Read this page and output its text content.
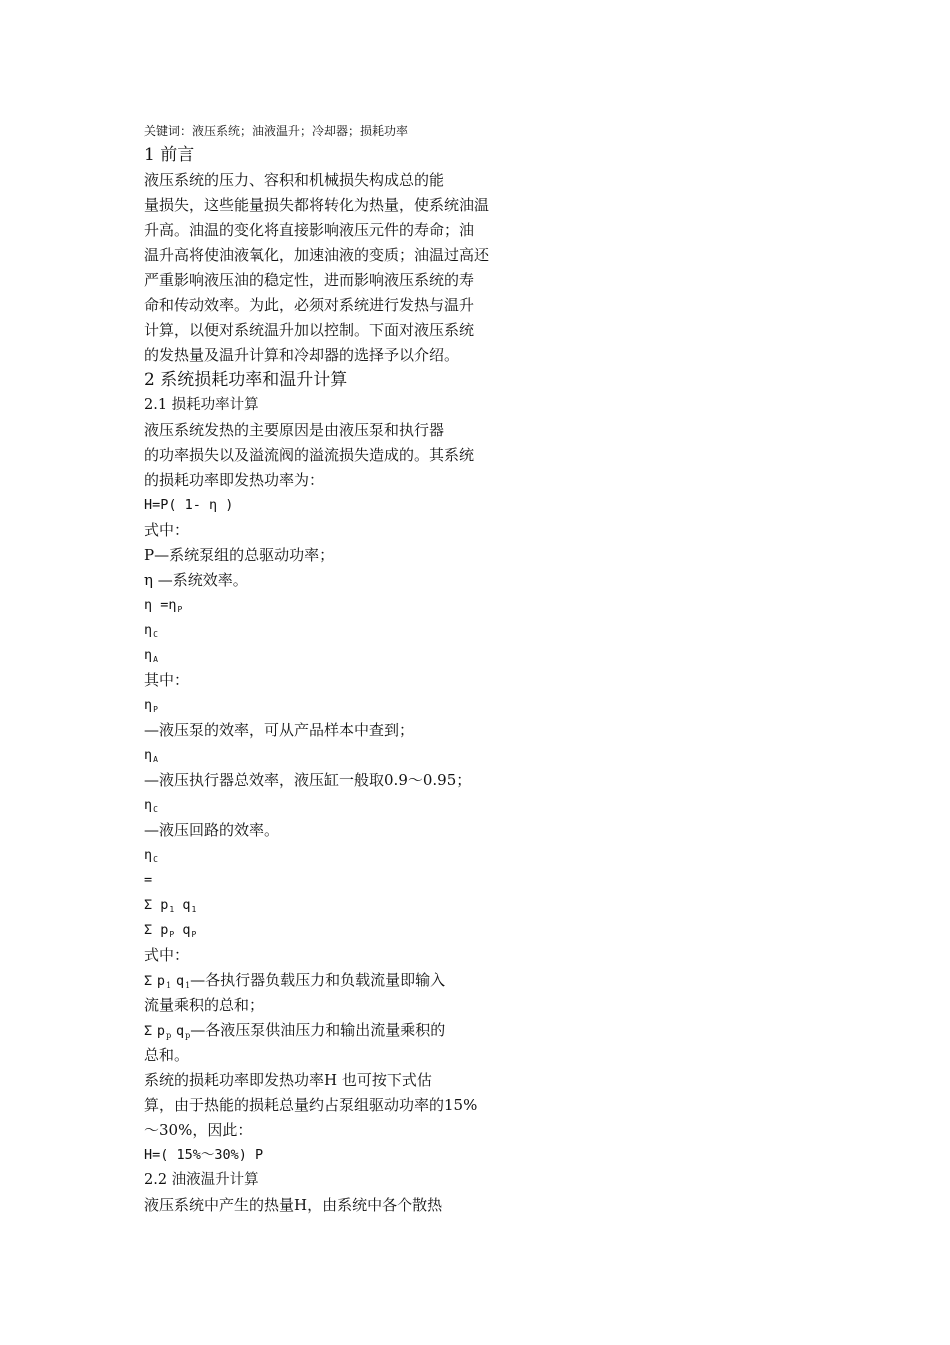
关键词：液压系统；油液温升；冷却器；损耗功率
1 前言
液压系统的压力、容积和机械损失构成总的能
量损失，这些能量损失都将转化为热量，使系统油温
升高。油温的变化将直接影响液压元件的寿命；油
温升高将使油液氧化，加速油液的变质；油温过高还
严重影响液压油的稳定性，进而影响液压系统的寿
命和传动效率。为此，必须对系统进行发热与温升
计算，以便对系统温升加以控制。下面对液压系统
的发热量及温升计算和冷却器的选择予以介绍。
2 系统损耗功率和温升计算
2.1 损耗功率计算
液压系统发热的主要原因是由液压泵和执行器
的功率损失以及溢流阀的溢流损失造成的。其系统
的损耗功率即发热功率为：
H=P( 1- η )
式中：
P—系统泵组的总驱动功率；
η —系统效率。
$\eta =\eta_P$
$\eta_C$
$\eta_A$
其中：
$\eta_P$
—液压泵的效率，可从产品样本中查到；
$\eta_A$
—液压执行器总效率，液压缸一般取0.9～0.95；
$\eta_C$
—液压回路的效率。
$\eta_C$
=
Σ $p_1$ $q_1$
Σ $p_P$ $q_P$
式中：
Σ $p_1$ $q_1—$各执行器负载压力和负载流量即输入
流量乘积的总和；
Σ $p_p$ $q_p—$各液压泵供油压力和输出流量乘积的
总和。
系统的损耗功率即发热功率H 也可按下式估
算，由于热能的损耗总量约占泵组驱动功率的15%
～30%，因此：
H=( 15%～30%) P
2.2 油液温升计算
液压系统中产生的热量H，由系统中各个散热
